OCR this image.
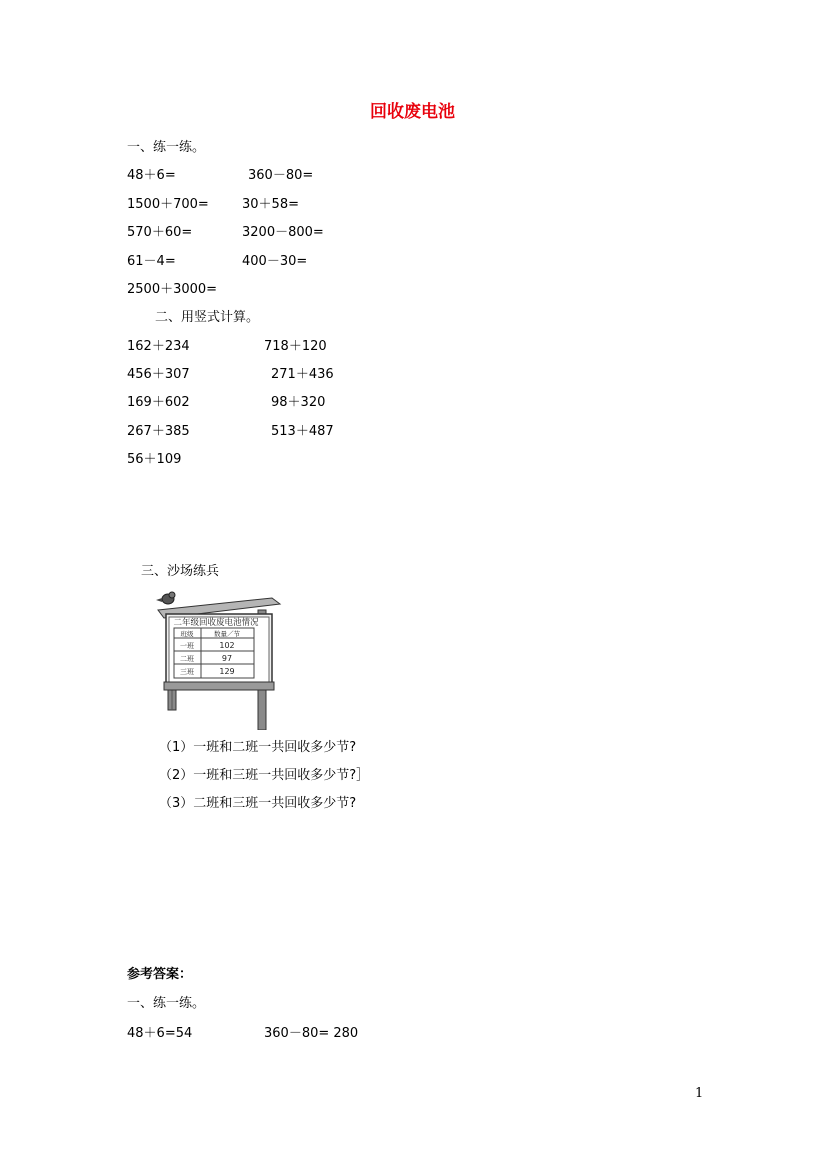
回收废电池
一、练一练。
48＋6=	360－80=
1500＋700=	30＋58=
570＋60=	3200－800=
61－4=	400－30=
2500＋3000=
二、用竖式计算。
162＋234	718＋120
456＋307	271＋436
169＋602	98＋320
267＋385	513＋487
56＋109
三、沙场练兵
二年级回收废电池情况
班级	数量／节
一班	102
二班	97
三班	129
（1）一班和二班一共回收多少节?
（2）一班和三班一共回收多少节?］
（3）二班和三班一共回收多少节?
参考答案：
一、练一练。
48＋6=54	360－80= 280
1
